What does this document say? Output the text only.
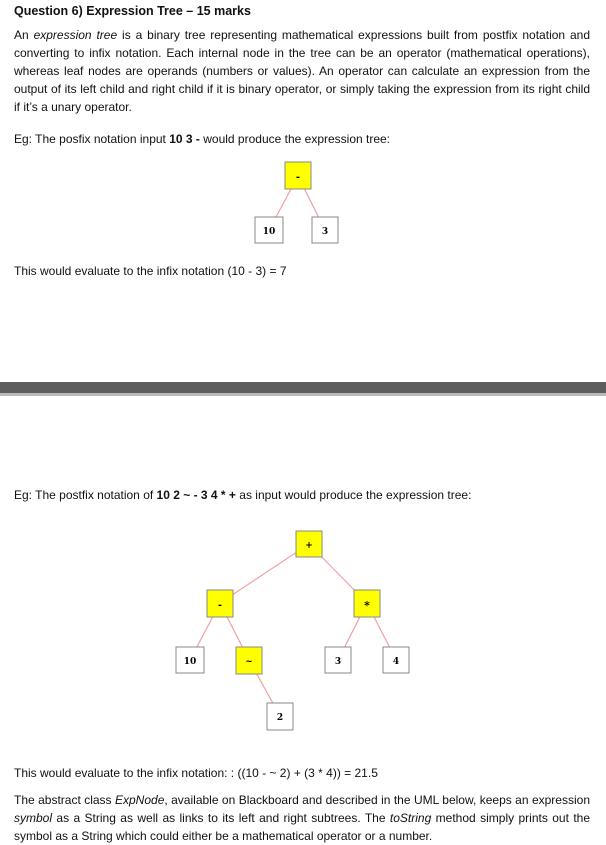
Question 6) Expression Tree – 15 marks
An expression tree is a binary tree representing mathematical expressions built from postfix notation and converting to infix notation. Each internal node in the tree can be an operator (mathematical operations), whereas leaf nodes are operands (numbers or values). An operator can calculate an expression from the output of its left child and right child if it is binary operator, or simply taking the expression from its right child if it’s a unary operator.
Eg: The posfix notation input 10 3 - would produce the expression tree:
-
10	3
This would evaluate to the infix notation (10 - 3) = 7
Eg: The postfix notation of 10 2 ~ - 3 4 * + as input would produce the expression tree:
+
-	*
10	~	3	4
2
This would evaluate to the infix notation: : ((10 - ~ 2) + (3 * 4)) = 21.5
The abstract class ExpNode, available on Blackboard and described in the UML below, keeps an expression symbol as a String as well as links to its left and right subtrees. The toString method simply prints out the symbol as a String which could either be a mathematical operator or a number.
